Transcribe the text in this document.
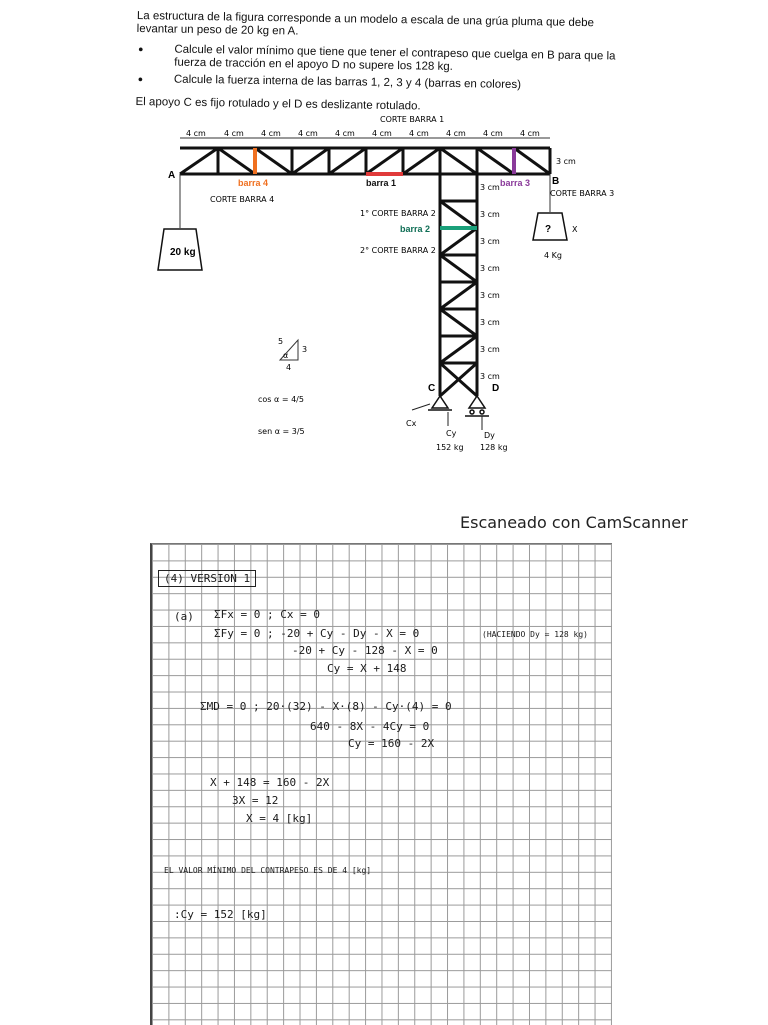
La estructura de la figura corresponde a un modelo a escala de una grúa pluma que debe levantar un peso de 20 kg en A.

• Calcule el valor mínimo que tiene que tener el contrapeso que cuelga en B para que la fuerza de tracción en el apoyo D no supere los 128 kg.
• Calcule la fuerza interna de las barras 1, 2, 3 y 4 (barras en colores)

El apoyo C es fijo rotulado y el D es deslizante rotulado.

4 cm 4 cm 4 cm 4 cm 4 cm 4 cm 4 cm 4 cm 4 cm 4 cm
3 cm
3 cm
3 cm
3 cm
3 cm
3 cm
3 cm
3 cm
3 cm
A
B
C	D
barra 1
barra 2
barra 3
barra 4
CORTE BARRA 1
CORTE BARRA 3
CORTE BARRA 4
1° CORTE BARRA 2
2° CORTE BARRA 2
20 kg
?	X
4 Kg
Cx
Cy	Dy
152 kg 128 kg
5
3
4
α
cos α = 4/5
sen α = 3/5
Escaneado con CamScanner
(4) VERSION 1
(a) ΣFx = 0 ; Cx = 0
ΣFy = 0 ; -20 + Cy - Dy - X = 0	(HACIENDO Dy = 128 kg)
-20 + Cy - 128 - X = 0
Cy = X + 148
ΣMD = 0 ; 20·(32) - X·(8) - Cy·(4) = 0
640 - 8X - 4Cy = 0
Cy = 160 - 2X
X + 148 = 160 - 2X
3X = 12
X = 4 [kg]
EL VALOR MÍNIMO DEL CONTRAPESO ES DE 4 [kg]
:Cy = 152 [kg]
